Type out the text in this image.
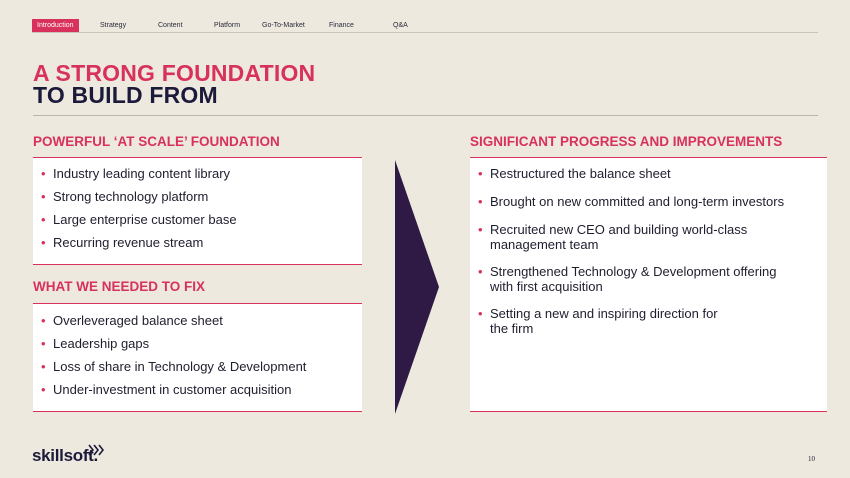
Introduction	Strategy	Content	Platform	Go-To-Market	Finance	Q&A
A STRONG FOUNDATION
TO BUILD FROM
POWERFUL ‘AT SCALE’ FOUNDATION
• Industry leading content library
• Strong technology platform
• Large enterprise customer base
• Recurring revenue stream
WHAT WE NEEDED TO FIX
• Overleveraged balance sheet
• Leadership gaps
• Loss of share in Technology & Development
• Under-investment in customer acquisition
SIGNIFICANT PROGRESS AND IMPROVEMENTS
• Restructured the balance sheet
• Brought on new committed and long-term investors
• Recruited new CEO and building world-class
management team
• Strengthened Technology & Development offering
with first acquisition
• Setting a new and inspiring direction for
the firm
skillsoft.	10
